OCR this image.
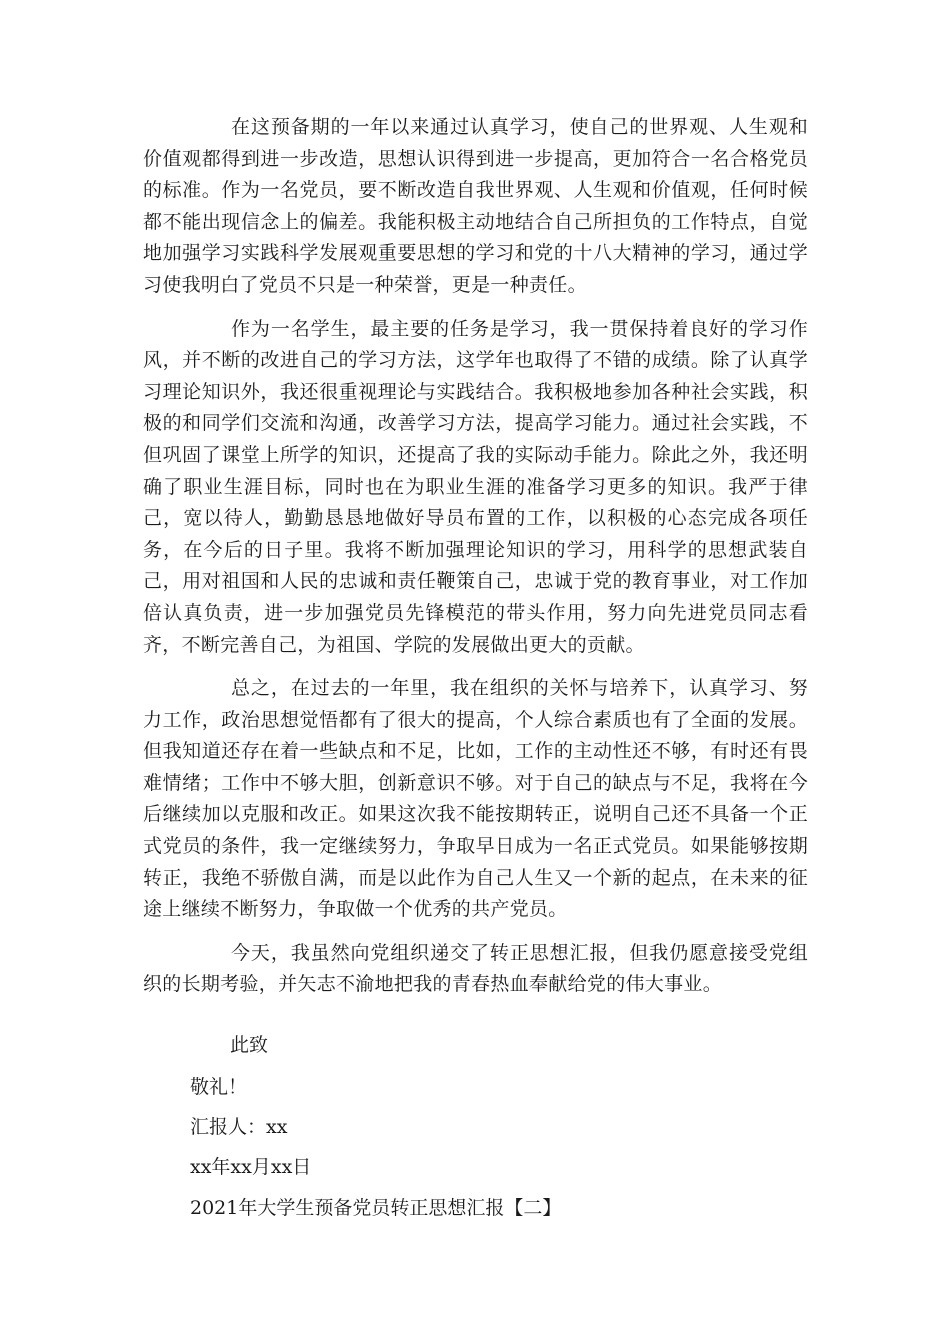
在这预备期的一年以来通过认真学习，使自己的世界观、人生观和价值观都得到进一步改造，思想认识得到进一步提高，更加符合一名合格党员的标准。作为一名党员，要不断改造自我世界观、人生观和价值观，任何时候都不能出现信念上的偏差。我能积极主动地结合自己所担负的工作特点，自觉地加强学习实践科学发展观重要思想的学习和党的十八大精神的学习，通过学习使我明白了党员不只是一种荣誉，更是一种责任。

作为一名学生，最主要的任务是学习，我一贯保持着良好的学习作风，并不断的改进自己的学习方法，这学年也取得了不错的成绩。除了认真学习理论知识外，我还很重视理论与实践结合。我积极地参加各种社会实践，积极的和同学们交流和沟通，改善学习方法，提高学习能力。通过社会实践，不但巩固了课堂上所学的知识，还提高了我的实际动手能力。除此之外，我还明确了职业生涯目标，同时也在为职业生涯的准备学习更多的知识。我严于律己，宽以待人，勤勤恳恳地做好导员布置的工作，以积极的心态完成各项任务，在今后的日子里。我将不断加强理论知识的学习，用科学的思想武装自己，用对祖国和人民的忠诚和责任鞭策自己，忠诚于党的教育事业，对工作加倍认真负责，进一步加强党员先锋模范的带头作用，努力向先进党员同志看齐，不断完善自己，为祖国、学院的发展做出更大的贡献。

总之，在过去的一年里，我在组织的关怀与培养下，认真学习、努力工作，政治思想觉悟都有了很大的提高，个人综合素质也有了全面的发展。但我知道还存在着一些缺点和不足，比如，工作的主动性还不够，有时还有畏难情绪；工作中不够大胆，创新意识不够。对于自己的缺点与不足，我将在今后继续加以克服和改正。如果这次我不能按期转正，说明自己还不具备一个正式党员的条件，我一定继续努力，争取早日成为一名正式党员。如果能够按期转正，我绝不骄傲自满，而是以此作为自己人生又一个新的起点，在未来的征途上继续不断努力，争取做一个优秀的共产党员。

今天，我虽然向党组织递交了转正思想汇报，但我仍愿意接受党组织的长期考验，并矢志不渝地把我的青春热血奉献给党的伟大事业。

此致
敬礼！
汇报人：xx
xx年xx月xx日
2021年大学生预备党员转正思想汇报【二】
